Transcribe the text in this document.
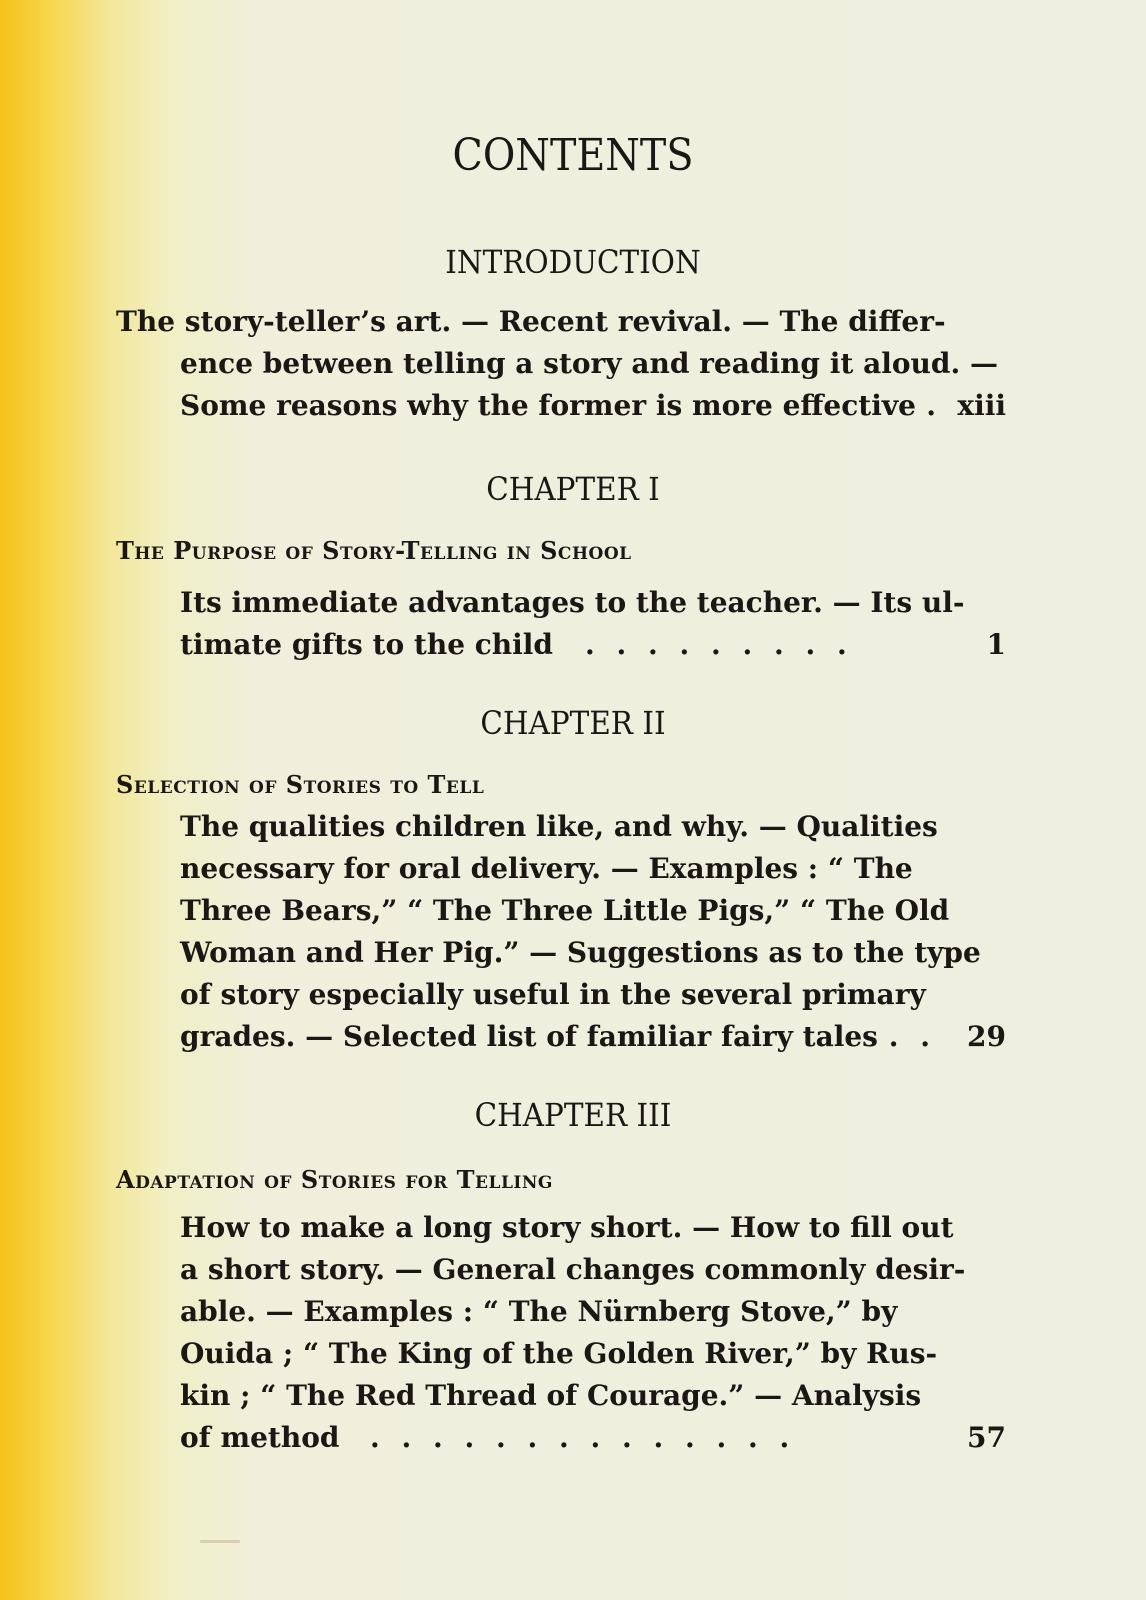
CONTENTS
INTRODUCTION
The story-teller’s art. — Recent revival. — The differ-
ence between telling a story and reading it aloud. —
Some reasons why the former is more effective . xiii
CHAPTER I
The Purpose of Story-Telling in School
Its immediate advantages to the teacher. — Its ul-
timate gifts to the child . . . . . . . . .	1
CHAPTER II
Selection of Stories to Tell
The qualities children like, and why. — Qualities
necessary for oral delivery. — Examples : “ The
Three Bears,” “ The Three Little Pigs,” “ The Old
Woman and Her Pig.” — Suggestions as to the type
of story especially useful in the several primary
grades. — Selected list of familiar fairy tales . .	29
CHAPTER III
Adaptation of Stories for Telling
How to make a long story short. — How to fill out
a short story. — General changes commonly desir-
able. — Examples : “ The Nürnberg Stove,” by
Ouida ; “ The King of the Golden River,” by Rus-
kin ; “ The Red Thread of Courage.” — Analysis
of method . . . . . . . . . . . . . .	57
